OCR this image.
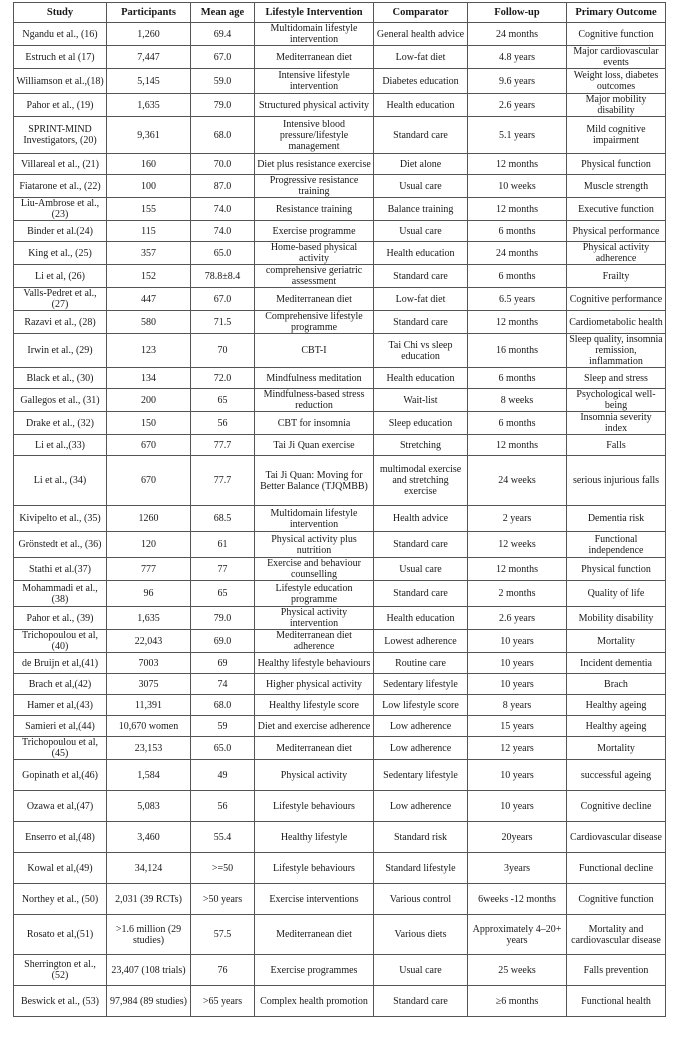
Study	Participants	Mean age	Lifestyle Intervention	Comparator	Follow-up	Primary Outcome
Ngandu et al., (16)	1,260	69.4	Multidomain lifestyle intervention	General health advice	24 months	Cognitive function
Estruch et al (17)	7,447	67.0	Mediterranean diet	Low-fat diet	4.8 years	Major cardiovascular events
Williamson et al.,(18)	5,145	59.0	Intensive lifestyle intervention	Diabetes education	9.6 years	Weight loss, diabetes outcomes
Pahor et al., (19)	1,635	79.0	Structured physical activity	Health education	2.6 years	Major mobility disability
SPRINT-MIND Investigators, (20)	9,361	68.0	Intensive blood pressure/lifestyle management	Standard care	5.1 years	Mild cognitive impairment
Villareal et al., (21)	160	70.0	Diet plus resistance exercise	Diet alone	12 months	Physical function
Fiatarone et al., (22)	100	87.0	Progressive resistance training	Usual care	10 weeks	Muscle strength
Liu-Ambrose et al., (23)	155	74.0	Resistance training	Balance training	12 months	Executive function
Binder et al.(24)	115	74.0	Exercise programme	Usual care	6 months	Physical performance
King et al., (25)	357	65.0	Home-based physical activity	Health education	24 months	Physical activity adherence
Li et al, (26)	152	78.8±8.4	comprehensive geriatric assessment	Standard care	6 months	Frailty
Valls-Pedret et al., (27)	447	67.0	Mediterranean diet	Low-fat diet	6.5 years	Cognitive performance
Razavi et al., (28)	580	71.5	Comprehensive lifestyle programme	Standard care	12 months	Cardiometabolic health
Irwin et al., (29)	123	70	CBT-I	Tai Chi vs sleep education	16 months	Sleep quality, insomnia remission, inflammation
Black et al., (30)	134	72.0	Mindfulness meditation	Health education	6 months	Sleep and stress
Gallegos et al., (31)	200	65	Mindfulness-based stress reduction	Wait-list	8 weeks	Psychological well-being
Drake et al., (32)	150	56	CBT for insomnia	Sleep education	6 months	Insomnia severity index
Li et al.,(33)	670	77.7	Tai Ji Quan exercise	Stretching	12 months	Falls
Li et al., (34)	670	77.7	Tai Ji Quan: Moving for Better Balance (TJQMBB)	multimodal exercise and stretching exercise	24 weeks	serious injurious falls
Kivipelto et al., (35)	1260	68.5	Multidomain lifestyle intervention	Health advice	2 years	Dementia risk
Grönstedt et al., (36)	120	61	Physical activity plus nutrition	Standard care	12 weeks	Functional independence
Stathi et al.(37)	777	77	Exercise and behaviour counselling	Usual care	12 months	Physical function
Mohammadi et al., (38)	96	65	Lifestyle education programme	Standard care	2 months	Quality of life
Pahor et al., (39)	1,635	79.0	Physical activity intervention	Health education	2.6 years	Mobility disability
Trichopoulou et al,(40)	22,043	69.0	Mediterranean diet adherence	Lowest adherence	10 years	Mortality
de Bruijn et al,(41)	7003	69	Healthy lifestyle behaviours	Routine care	10 years	Incident dementia
Brach et al,(42)	3075	74	Higher physical activity	Sedentary lifestyle	10 years	Brach
Hamer et al,(43)	11,391	68.0	Healthy lifestyle score	Low lifestyle score	8 years	Healthy ageing
Samieri et al,(44)	10,670 women	59	Diet and exercise adherence	Low adherence	15 years	Healthy ageing
Trichopoulou et al,(45)	23,153	65.0	Mediterranean diet	Low adherence	12 years	Mortality
Gopinath et al,(46)	1,584	49	Physical activity	Sedentary lifestyle	10 years	successful ageing
Ozawa et al,(47)	5,083	56	Lifestyle behaviours	Low adherence	10 years	Cognitive decline
Enserro et al,(48)	3,460	55.4	Healthy lifestyle	Standard risk	20years	Cardiovascular disease
Kowal et al,(49)	34,124	>=50	Lifestyle behaviours	Standard lifestyle	3years	Functional decline
Northey et al., (50)	2,031 (39 RCTs)	>50 years	Exercise interventions	Various control	6weeks -12 months	Cognitive function
Rosato et al,(51)	>1.6 million (29 studies)	57.5	Mediterranean diet	Various diets	Approximately 4–20+ years	Mortality and cardiovascular disease
Sherrington et al., (52)	23,407 (108 trials)	76	Exercise programmes	Usual care	25 weeks	Falls prevention
Beswick et al., (53)	97,984 (89 studies)	>65 years	Complex health promotion	Standard care	≥6 months	Functional health
